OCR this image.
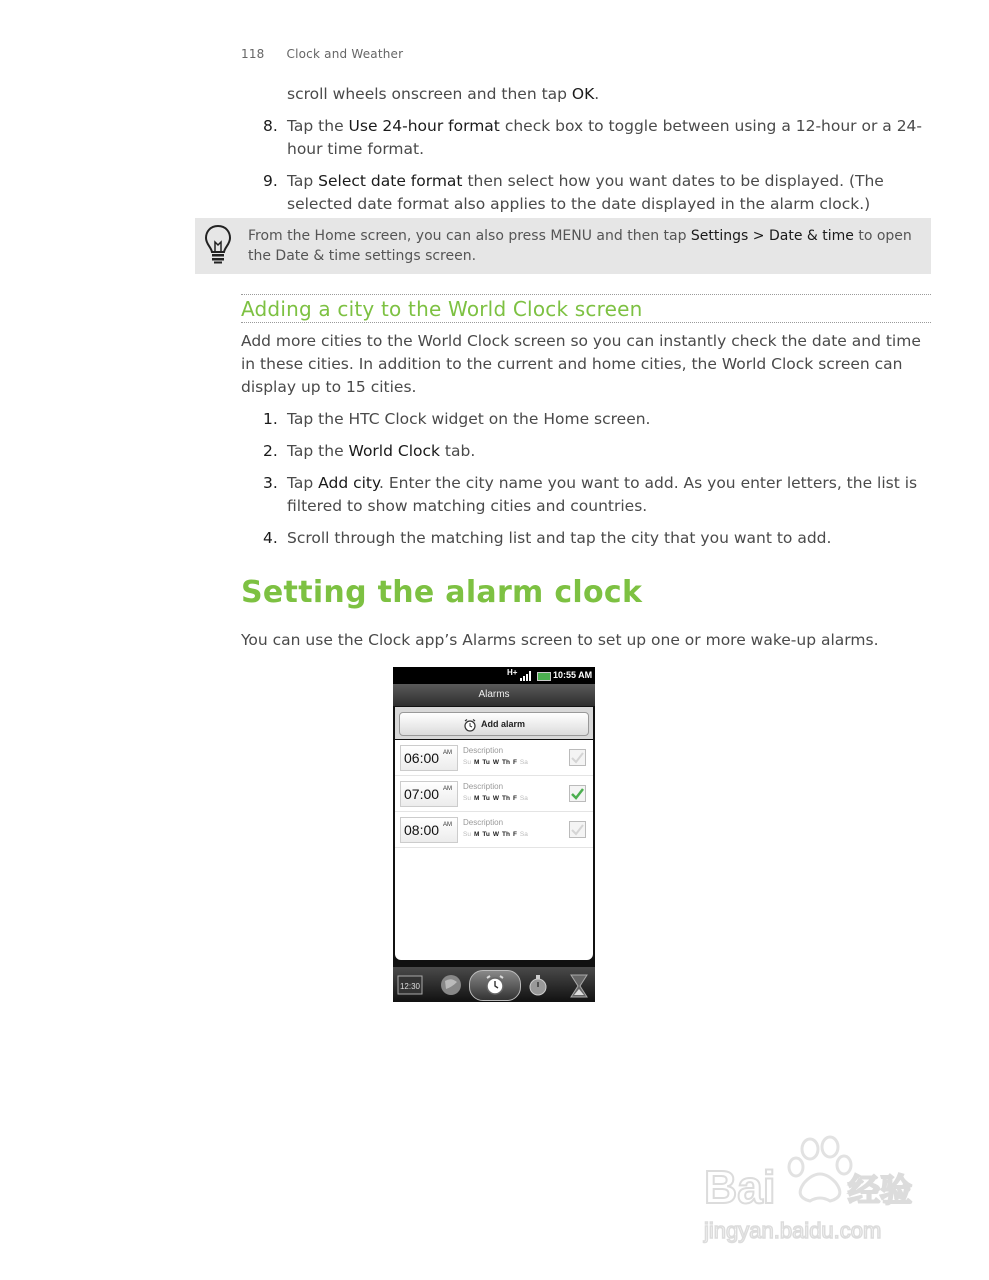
118 Clock and Weather
scroll wheels onscreen and then tap OK.
8. Tap the Use 24-hour format check box to toggle between using a 12-hour or a 24-hour time format.
9. Tap Select date format then select how you want dates to be displayed. (The selected date format also applies to the date displayed in the alarm clock.)
From the Home screen, you can also press MENU and then tap Settings > Date & time to open the Date & time settings screen.
Adding a city to the World Clock screen
Add more cities to the World Clock screen so you can instantly check the date and time in these cities. In addition to the current and home cities, the World Clock screen can display up to 15 cities.
1. Tap the HTC Clock widget on the Home screen.
2. Tap the World Clock tab.
3. Tap Add city. Enter the city name you want to add. As you enter letters, the list is filtered to show matching cities and countries.
4. Scroll through the matching list and tap the city that you want to add.
Setting the alarm clock
You can use the Clock app’s Alarms screen to set up one or more wake-up alarms.
H+	10:55 AM
Alarms
Add alarm
06:00 AM Description
Su M Tu W Th F Sa
07:00 AM Description
Su M Tu W Th F Sa
08:00 AM Description
Su M Tu W Th F Sa
12:30
Bai 经验
jingyan.baidu.com
